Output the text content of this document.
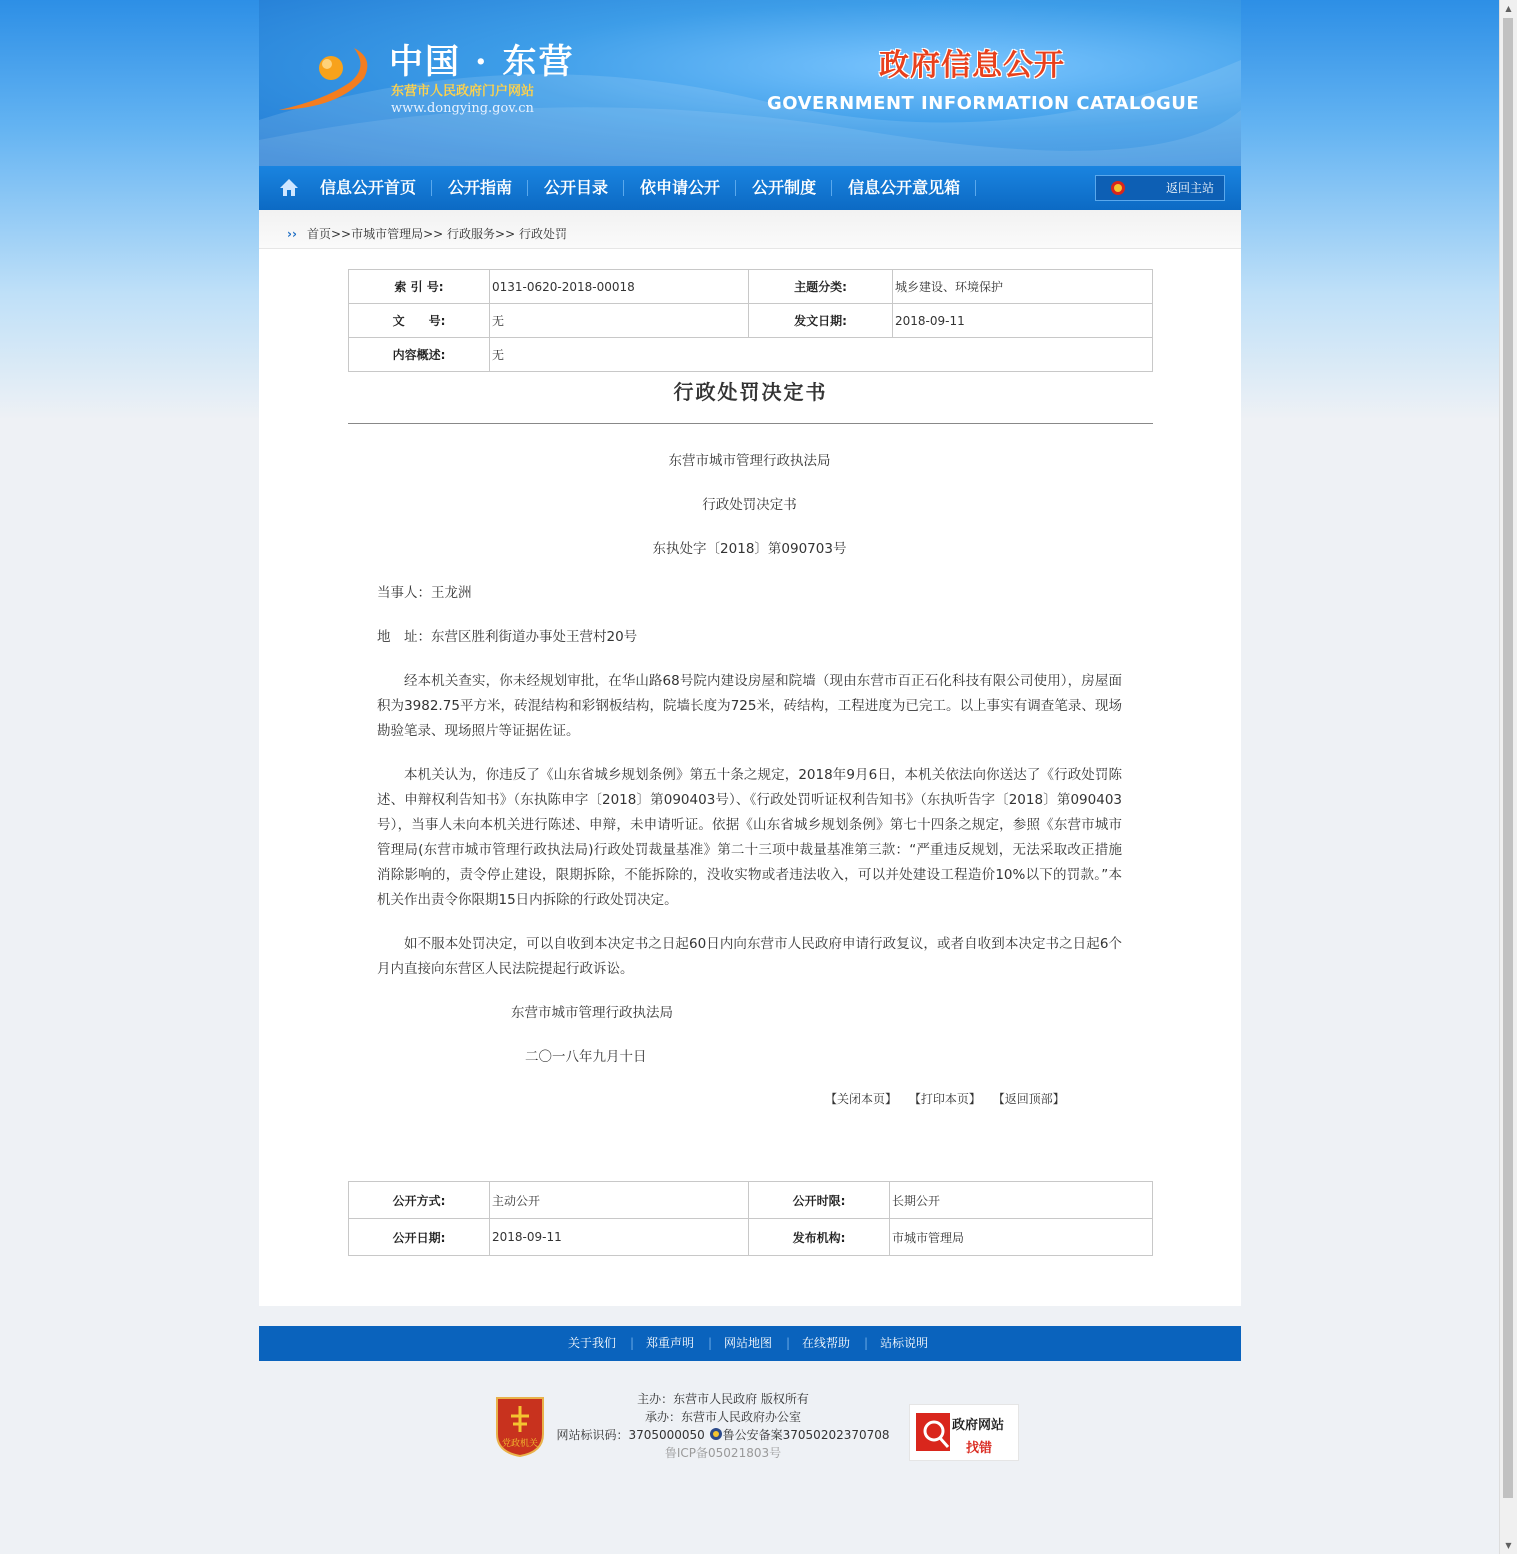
中国 · 东营
东营市人民政府门户网站
www.dongying.gov.cn
政府信息公开
GOVERNMENT INFORMATION CATALOGUE
信息公开首页	公开指南	公开目录	依申请公开	公开制度	信息公开意见箱	返回主站
›› 首页>>市城市管理局>> 行政服务>> 行政处罚
索 引 号:	0131-0620-2018-00018	主题分类:	城乡建设、环境保护
文　　号:	无	发文日期:	2018-09-11
内容概述:	无		
行政处罚决定书

东营市城市管理行政执法局

行政处罚决定书

东执处字〔2018〕第090703号

当事人：王龙洲

地　址：东营区胜利街道办事处王营村20号

经本机关查实，你未经规划审批，在华山路68号院内建设房屋和院墙（现由东营市百正石化科技有限公司使用），房屋面积为3982.75平方米，砖混结构和彩钢板结构，院墙长度为725米，砖结构，工程进度为已完工。以上事实有调查笔录、现场勘验笔录、现场照片等证据佐证。

本机关认为，你违反了《山东省城乡规划条例》第五十条之规定，2018年9月6日，本机关依法向你送达了《行政处罚陈述、申辩权利告知书》（东执陈申字〔2018〕第090403号）、《行政处罚听证权利告知书》（东执听告字〔2018〕第090403号），当事人未向本机关进行陈述、申辩，未申请听证。依据《山东省城乡规划条例》第七十四条之规定，参照《东营市城市管理局(东营市城市管理行政执法局)行政处罚裁量基准》第二十三项中裁量基准第三款：“严重违反规划，无法采取改正措施消除影响的，责令停止建设，限期拆除，不能拆除的，没收实物或者违法收入，可以并处建设工程造价10%以下的罚款。”本机关作出责令你限期15日内拆除的行政处罚决定。

如不服本处罚决定，可以自收到本决定书之日起60日内向东营市人民政府申请行政复议，或者自收到本决定书之日起6个月内直接向东营区人民法院提起行政诉讼。

东营市城市管理行政执法局

二〇一八年九月十日

【关闭本页】 【打印本页】 【返回顶部】
公开方式:	主动公开	公开时限:	长期公开
公开日期:	2018-09-11	发布机构:	市城市管理局
关于我们 |	郑重声明 |	网站地图 |	在线帮助 |	站标说明
党政机关
主办：东营市人民政府 版权所有
承办：东营市人民政府办公室
网站标识码：3705000050 鲁公安备案37050202370708
鲁ICP备05021803号
政府网站
找错
▲
▼
